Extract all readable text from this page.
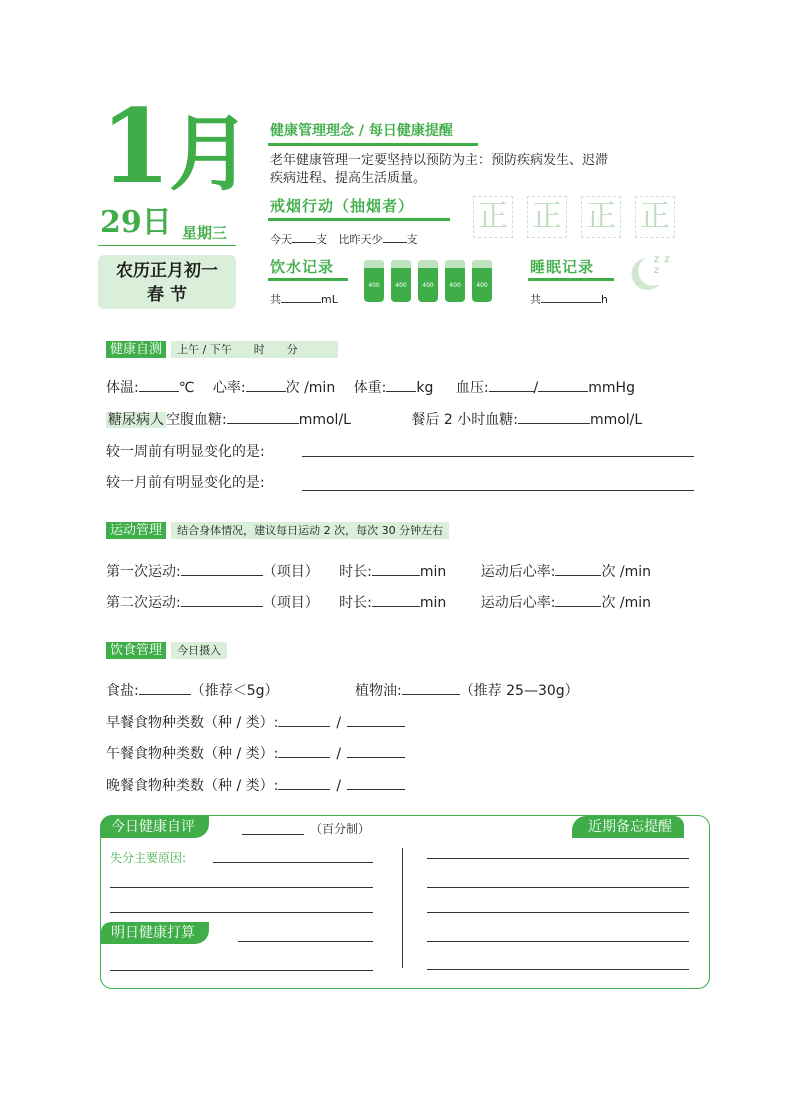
1月
29日 星期三
农历正月初一
春 节
健康管理理念 / 每日健康提醒
老年健康管理一定要坚持以预防为主：预防疾病发生、迟滞
疾病进程、提高生活质量。
戒烟行动（抽烟者）
今天 支 比昨天少 支
正 正 正 正
饮水记录
共	mL
400	400	400	400	400
睡眠记录
共	h
z z z
健康自测 上午 / 下午　　时　　分
体温:	℃ 心率:	次 /min 体重: kg 血压:	/	mmHg
糖尿病人 空腹血糖:	mmol/L	餐后 2 小时血糖:	mmol/L
较一周前有明显变化的是:
较一月前有明显变化的是:
运动管理 结合身体情况，建议每日运动 2 次，每次 30 分钟左右
第一次运动:	（项目） 时长:	min 运动后心率:	次 /min
第二次运动:	（项目） 时长:	min 运动后心率:	次 /min
饮食管理 今日摄入
食盐:	（推荐＜5g）	植物油:	（推荐 25—30g）
早餐食物种类数（种 / 类）:	/
午餐食物种类数（种 / 类）:	/
晚餐食物种类数（种 / 类）:	/
今日健康自评	（百分制）	近期备忘提醒
失分主要原因:
明日健康打算
